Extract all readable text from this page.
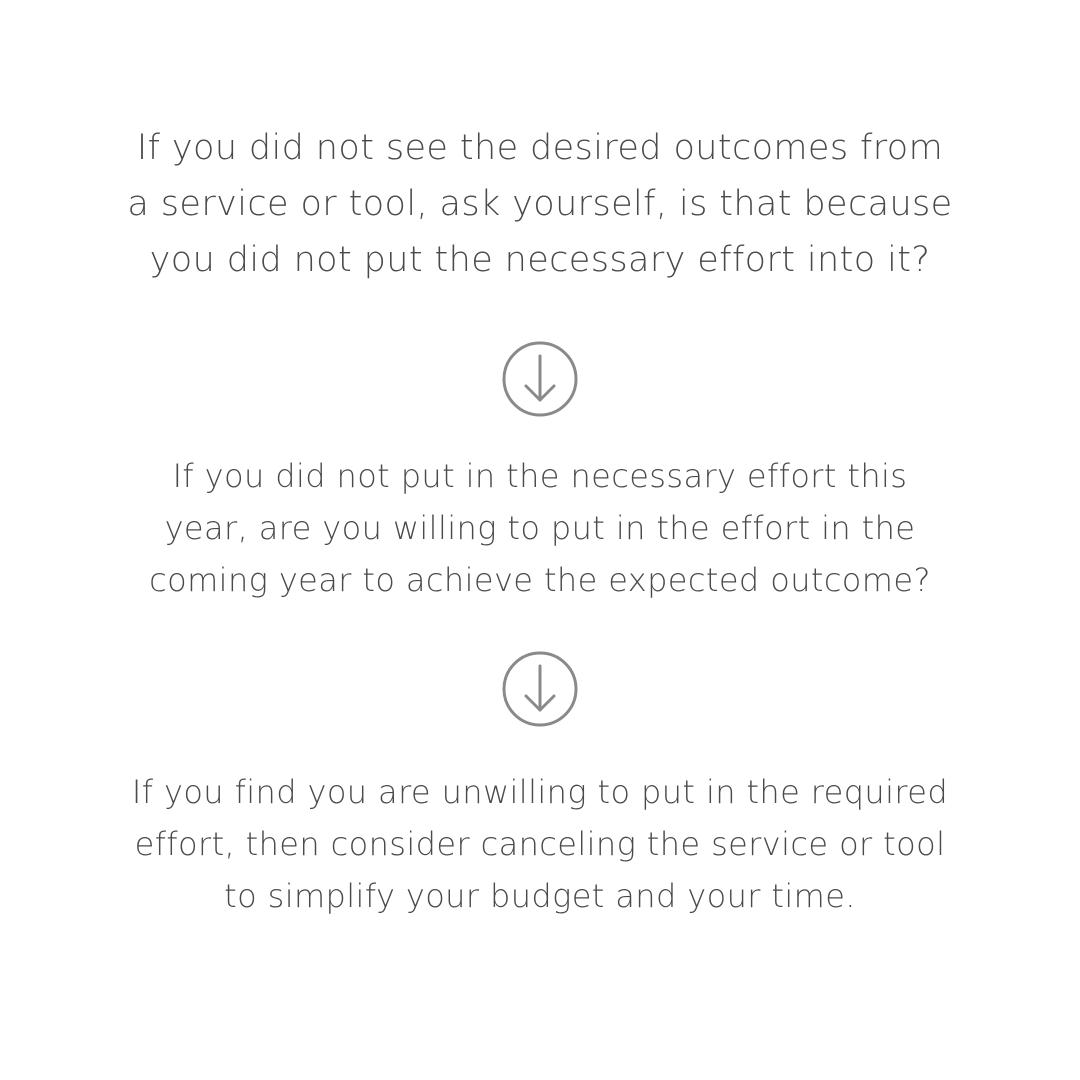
If you did not see the desired outcomes from
a service or tool, ask yourself, is that because
you did not put the necessary effort into it?

If you did not put in the necessary effort this
year, are you willing to put in the effort in the
coming year to achieve the expected outcome?

If you find you are unwilling to put in the required
effort, then consider canceling the service or tool
to simplify your budget and your time.
